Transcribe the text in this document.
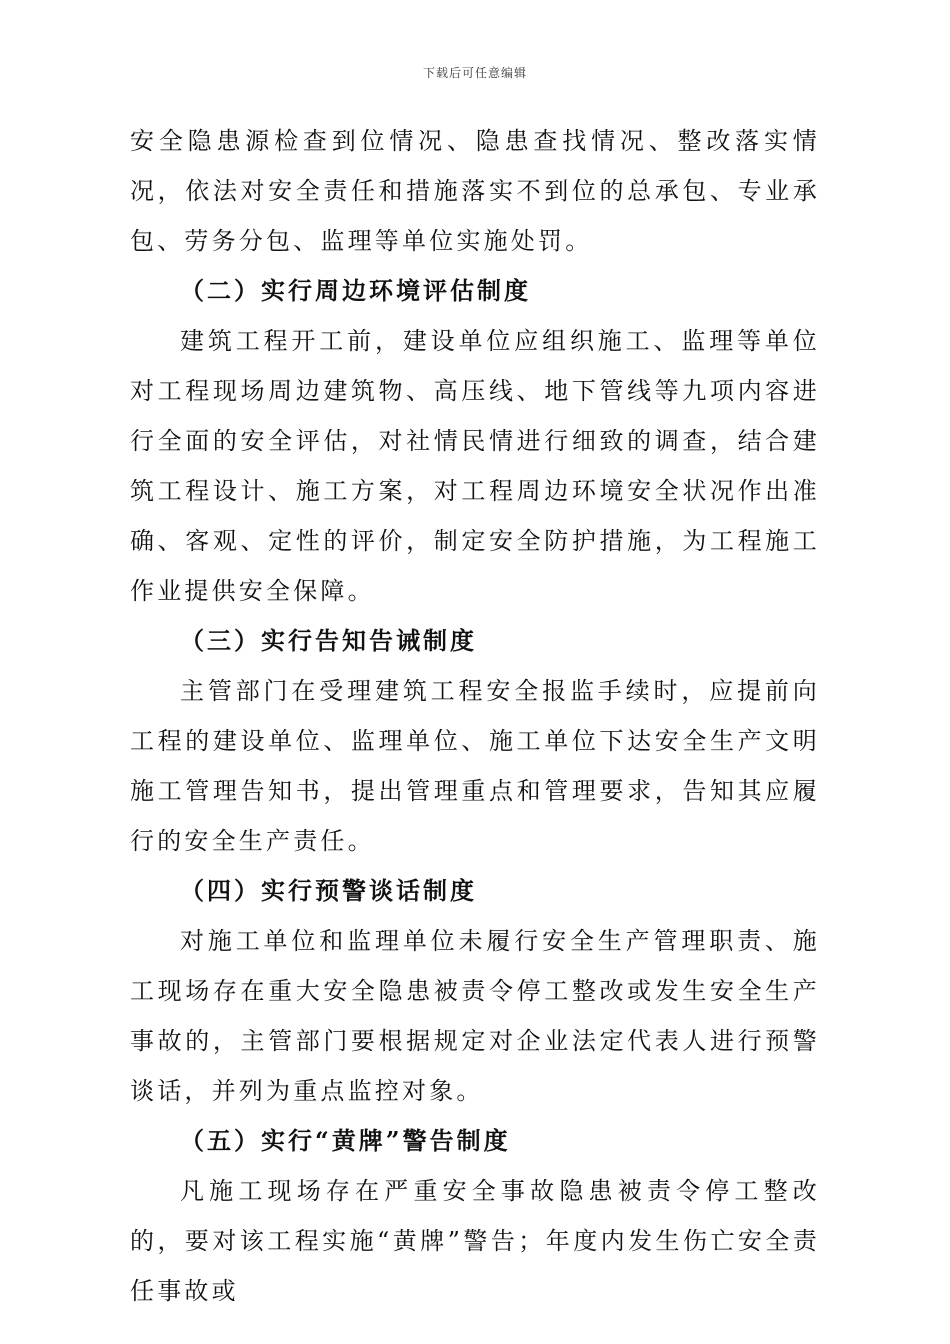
下载后可任意编辑

安全隐患源检查到位情况、隐患查找情况、整改落实情况，依法对安全责任和措施落实不到位的总承包、专业承包、劳务分包、监理等单位实施处罚。

（二）实行周边环境评估制度

建筑工程开工前，建设单位应组织施工、监理等单位对工程现场周边建筑物、高压线、地下管线等九项内容进行全面的安全评估，对社情民情进行细致的调查，结合建筑工程设计、施工方案，对工程周边环境安全状况作出准确、客观、定性的评价，制定安全防护措施，为工程施工作业提供安全保障。

（三）实行告知告诫制度

主管部门在受理建筑工程安全报监手续时，应提前向工程的建设单位、监理单位、施工单位下达安全生产文明施工管理告知书，提出管理重点和管理要求，告知其应履行的安全生产责任。

（四）实行预警谈话制度

对施工单位和监理单位未履行安全生产管理职责、施工现场存在重大安全隐患被责令停工整改或发生安全生产事故的，主管部门要根据规定对企业法定代表人进行预警谈话，并列为重点监控对象。

（五）实行“黄牌”警告制度

凡施工现场存在严重安全事故隐患被责令停工整改的，要对该工程实施“黄牌”警告；年度内发生伤亡安全责任事故或
